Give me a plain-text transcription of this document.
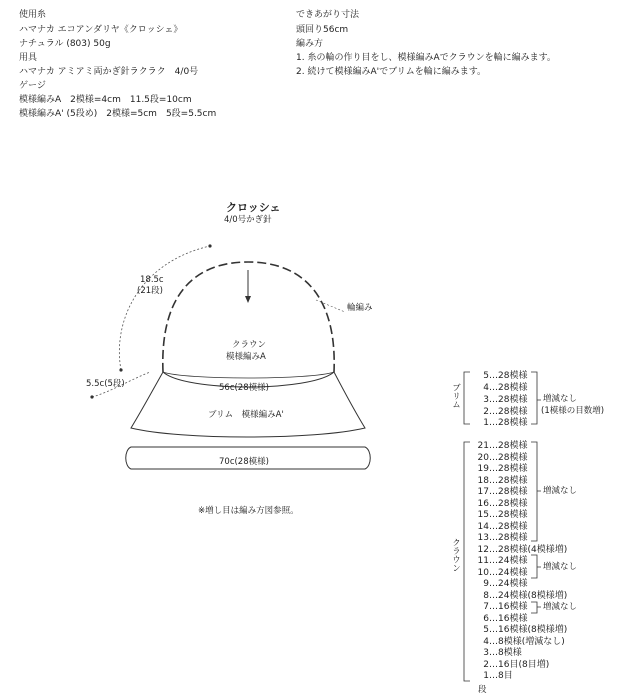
使用糸
ハマナカ エコアンダリヤ《クロッシェ》
ナチュラル (803) 50g
用具
ハマナカ アミアミ両かぎ針ラクラク　4/0号
ゲージ
模様編みA　2模様=4cm　11.5段=10cm
模様編みA' (5段め)　2模様=5cm　5段=5.5cm
できあがり寸法
頭回り56cm
編み方
1. 糸の輪の作り目をし、模様編みAでクラウンを輪に編みます。
2. 続けて模様編みA'でブリムを輪に編みます。
クロッシェ
4/0号かぎ針
18.5c
(21段)
輪編み
クラウン
模様編みA
5.5c(5段)	56c(28模様)
ブリム　模様編みA'
70c(28模様)
※増し目は編み方図参照。
ブリム
5…28模様
4…28模様
3…28模様
2…28模様
1…28模様
増減なし
(1模様の目数増)
クラウン
21…28模様
20…28模様
19…28模様
18…28模様
17…28模様
16…28模様
15…28模様
14…28模様
13…28模様
12…28模様(4模様増)
11…24模様
10…24模様
9…24模様
8…24模様(8模様増)
7…16模様
6…16模様
5…16模様(8模様増)
4…8模様(増減なし)
3…8模様
2…16目(8目増)
1…8目
増減なし
増減なし
増減なし
段
